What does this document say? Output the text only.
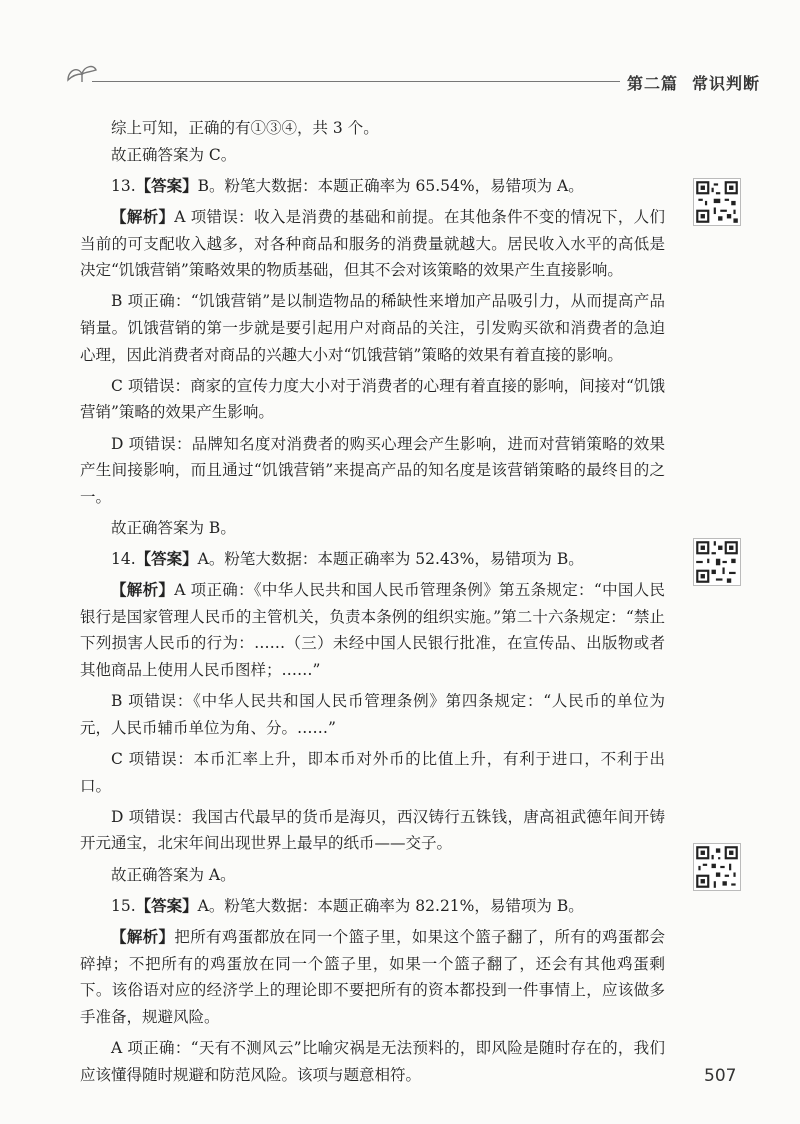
第二篇 常识判断

综上可知，正确的有①③④，共 3 个。

故正确答案为 C。

13.【答案】B。粉笔大数据：本题正确率为 65.54%，易错项为 A。

【解析】A 项错误：收入是消费的基础和前提。在其他条件不变的情况下，人们当前的可支配收入越多，对各种商品和服务的消费量就越大。居民收入水平的高低是决定“饥饿营销”策略效果的物质基础，但其不会对该策略的效果产生直接影响。

B 项正确：“饥饿营销”是以制造物品的稀缺性来增加产品吸引力，从而提高产品销量。饥饿营销的第一步就是要引起用户对商品的关注，引发购买欲和消费者的急迫心理，因此消费者对商品的兴趣大小对“饥饿营销”策略的效果有着直接的影响。

C 项错误：商家的宣传力度大小对于消费者的心理有着直接的影响，间接对“饥饿营销”策略的效果产生影响。

D 项错误：品牌知名度对消费者的购买心理会产生影响，进而对营销策略的效果产生间接影响，而且通过“饥饿营销”来提高产品的知名度是该营销策略的最终目的之一。

故正确答案为 B。

14.【答案】A。粉笔大数据：本题正确率为 52.43%，易错项为 B。

【解析】A 项正确：《中华人民共和国人民币管理条例》第五条规定：“中国人民银行是国家管理人民币的主管机关，负责本条例的组织实施。”第二十六条规定：“禁止下列损害人民币的行为：……（三）未经中国人民银行批准，在宣传品、出版物或者其他商品上使用人民币图样；……”

B 项错误：《中华人民共和国人民币管理条例》第四条规定：“人民币的单位为元，人民币辅币单位为角、分。……”

C 项错误：本币汇率上升，即本币对外币的比值上升，有利于进口，不利于出口。

D 项错误：我国古代最早的货币是海贝，西汉铸行五铢钱，唐高祖武德年间开铸开元通宝，北宋年间出现世界上最早的纸币——交子。

故正确答案为 A。

15.【答案】A。粉笔大数据：本题正确率为 82.21%，易错项为 B。

【解析】把所有鸡蛋都放在同一个篮子里，如果这个篮子翻了，所有的鸡蛋都会碎掉；不把所有的鸡蛋放在同一个篮子里，如果一个篮子翻了，还会有其他鸡蛋剩下。该俗语对应的经济学上的理论即不要把所有的资本都投到一件事情上，应该做多手准备，规避风险。

A 项正确：“天有不测风云”比喻灾祸是无法预料的，即风险是随时存在的，我们应该懂得随时规避和防范风险。该项与题意相符。	507
